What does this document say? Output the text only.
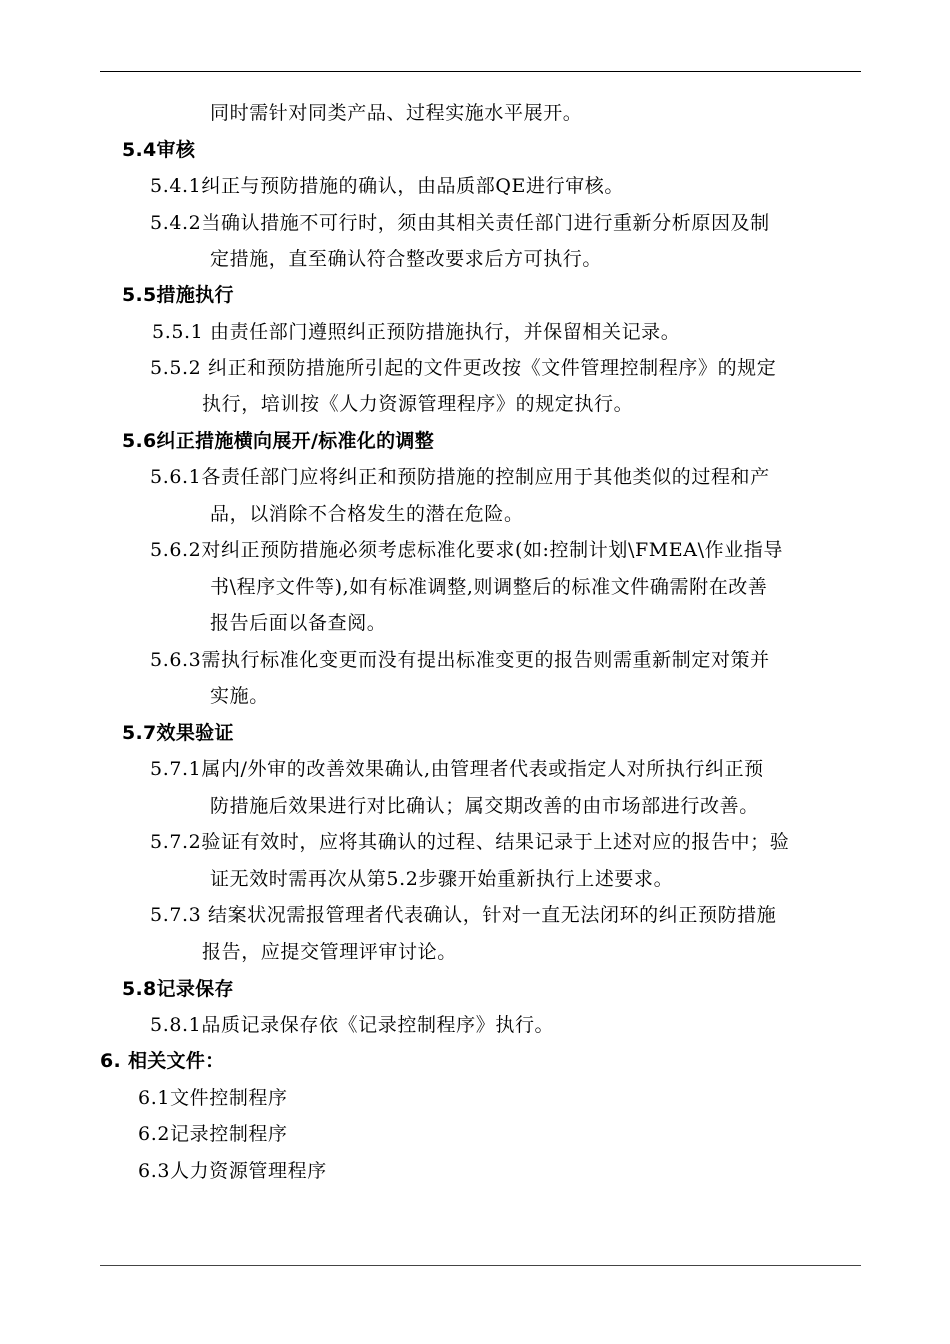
同时需针对同类产品、过程实施水平展开。
5.4审核
5.4.1纠正与预防措施的确认，由品质部QE进行审核。
5.4.2当确认措施不可行时，须由其相关责任部门进行重新分析原因及制
定措施，直至确认符合整改要求后方可执行。
5.5措施执行
5.5.1 由责任部门遵照纠正预防措施执行，并保留相关记录。
5.5.2 纠正和预防措施所引起的文件更改按《文件管理控制程序》的规定
执行，培训按《人力资源管理程序》的规定执行。
5.6纠正措施横向展开/标准化的调整
5.6.1各责任部门应将纠正和预防措施的控制应用于其他类似的过程和产
品，以消除不合格发生的潜在危险。
5.6.2对纠正预防措施必须考虑标准化要求(如:控制计划\FMEA\作业指导
书\程序文件等),如有标准调整,则调整后的标准文件确需附在改善
报告后面以备查阅。
5.6.3需执行标准化变更而没有提出标准变更的报告则需重新制定对策并
实施。
5.7效果验证
5.7.1属内/外审的改善效果确认,由管理者代表或指定人对所执行纠正预
防措施后效果进行对比确认；属交期改善的由市场部进行改善。
5.7.2验证有效时，应将其确认的过程、结果记录于上述对应的报告中；验
证无效时需再次从第5.2步骤开始重新执行上述要求。
5.7.3 结案状况需报管理者代表确认，针对一直无法闭环的纠正预防措施
报告，应提交管理评审讨论。
5.8记录保存
5.8.1品质记录保存依《记录控制程序》执行。
6. 相关文件：
6.1文件控制程序
6.2记录控制程序
6.3人力资源管理程序
